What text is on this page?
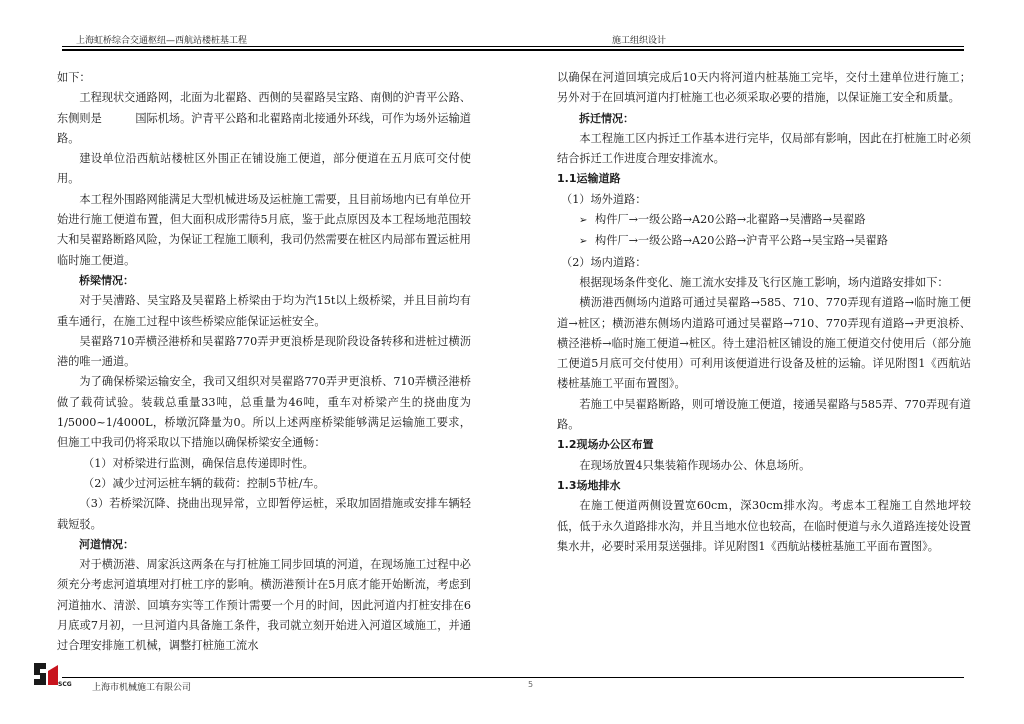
上海虹桥综合交通枢纽—西航站楼桩基工程	施工组织设计

如下：

工程现状交通路网，北面为北翟路、西侧的吴翟路吴宝路、南侧的沪青平公路、东侧则是　　　国际机场。沪青平公路和北翟路南北接通外环线，可作为场外运输道路。

建设单位沿西航站楼桩区外围正在铺设施工便道，部分便道在五月底可交付使用。

本工程外围路网能满足大型机械进场及运桩施工需要，且目前场地内已有单位开始进行施工便道布置，但大面积成形需待5月底，鉴于此点原因及本工程场地范围较大和吴翟路断路风险，为保证工程施工顺利，我司仍然需要在桩区内局部布置运桩用临时施工便道。

桥梁情况：

对于吴漕路、吴宝路及吴翟路上桥梁由于均为汽15t以上级桥梁，并且目前均有重车通行，在施工过程中该些桥梁应能保证运桩安全。

吴翟路710弄横泾港桥和吴翟路770弄尹更浪桥是现阶段设备转移和进桩过横沥港的唯一通道。

为了确保桥梁运输安全，我司又组织对吴翟路770弄尹更浪桥、710弄横泾港桥做了载荷试验。装载总重量33吨，总重量为46吨，重车对桥梁产生的挠曲度为1/5000~1/4000L，桥墩沉降量为0。所以上述两座桥梁能够满足运输施工要求，但施工中我司仍将采取以下措施以确保桥梁安全通畅：

（1）对桥梁进行监测，确保信息传递即时性。

（2）减少过河运桩车辆的载荷：控制5节桩/车。

（3）若桥梁沉降、挠曲出现异常，立即暂停运桩，采取加固措施或安排车辆轻载短驳。

河道情况：

对于横沥港、周家浜这两条在与打桩施工同步回填的河道，在现场施工过程中必须充分考虑河道填埋对打桩工序的影响。横沥港预计在5月底才能开始断流，考虑到河道抽水、清淤、回填夯实等工作预计需要一个月的时间，因此河道内打桩安排在6月底或7月初，一旦河道内具备施工条件，我司就立刻开始进入河道区域施工，并通过合理安排施工机械，调整打桩施工流水

以确保在河道回填完成后10天内将河道内桩基施工完毕，交付土建单位进行施工；另外对于在回填河道内打桩施工也必须采取必要的措施，以保证施工安全和质量。

拆迁情况：

本工程施工区内拆迁工作基本进行完毕，仅局部有影响，因此在打桩施工时必须结合拆迁工作进度合理安排流水。

1.1运输道路

（1）场外道路：

➢ 构件厂→一级公路→A20公路→北翟路→吴漕路→吴翟路

➢ 构件厂→一级公路→A20公路→沪青平公路→吴宝路→吴翟路

（2）场内道路：

根据现场条件变化、施工流水安排及飞行区施工影响，场内道路安排如下：

横沥港西侧场内道路可通过吴翟路→585、710、770弄现有道路→临时施工便道→桩区；横沥港东侧场内道路可通过吴翟路→710、770弄现有道路→尹更浪桥、横泾港桥→临时施工便道→桩区。待土建沿桩区铺设的施工便道交付使用后（部分施工便道5月底可交付使用）可利用该便道进行设备及桩的运输。详见附图1《西航站楼桩基施工平面布置图》。

若施工中吴翟路断路，则可增设施工便道，接通吴翟路与585弄、770弄现有道路。

1.2现场办公区布置

在现场放置4只集装箱作现场办公、休息场所。

1.3场地排水

在施工便道两侧设置宽60cm，深30cm排水沟。考虑本工程施工自然地坪较低，低于永久道路排水沟，并且当地水位也较高，在临时便道与永久道路连接处设置集水井，必要时采用泵送强排。详见附图1《西航站楼桩基施工平面布置图》。

SCG 上海市机械施工有限公司	5
